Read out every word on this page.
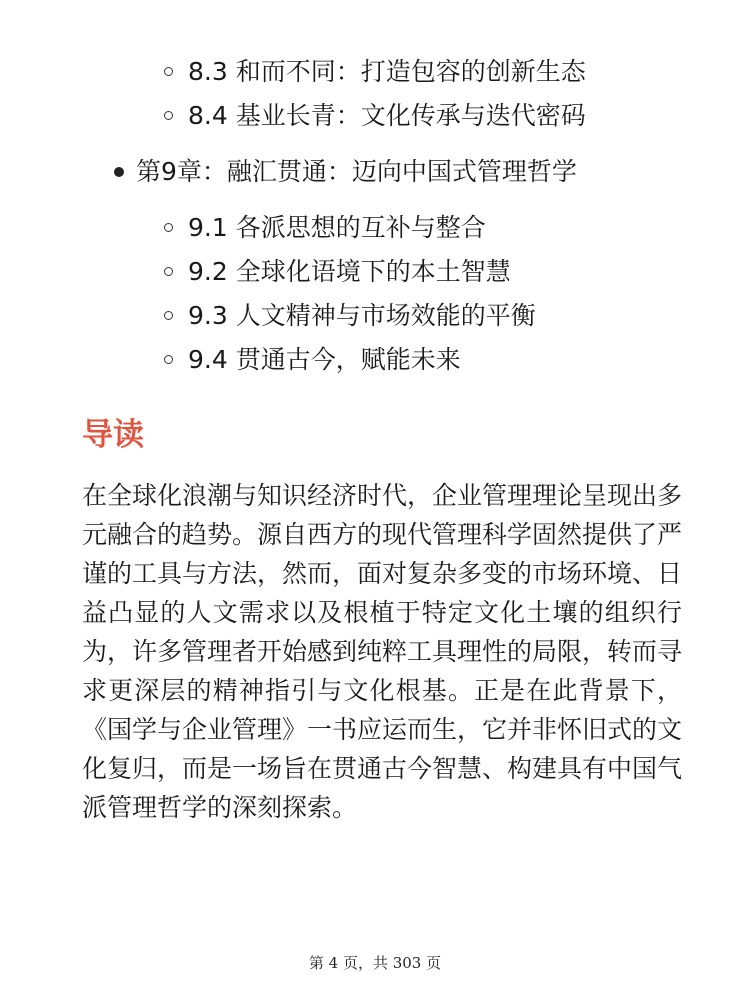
8.3 和而不同：打造包容的创新生态
8.4 基业长青：文化传承与迭代密码
第9章：融汇贯通：迈向中国式管理哲学
9.1 各派思想的互补与整合
9.2 全球化语境下的本土智慧
9.3 人文精神与市场效能的平衡
9.4 贯通古今，赋能未来
导读

在全球化浪潮与知识经济时代，企业管理理论呈现出多元融合的趋势。源自西方的现代管理科学固然提供了严谨的工具与方法，然而，面对复杂多变的市场环境、日益凸显的人文需求以及根植于特定文化土壤的组织行为，许多管理者开始感到纯粹工具理性的局限，转而寻求更深层的精神指引与文化根基。正是在此背景下，《国学与企业管理》一书应运而生，它并非怀旧式的文化复归，而是一场旨在贯通古今智慧、构建具有中国气派管理哲学的深刻探索。

第 4 页，共 303 页
